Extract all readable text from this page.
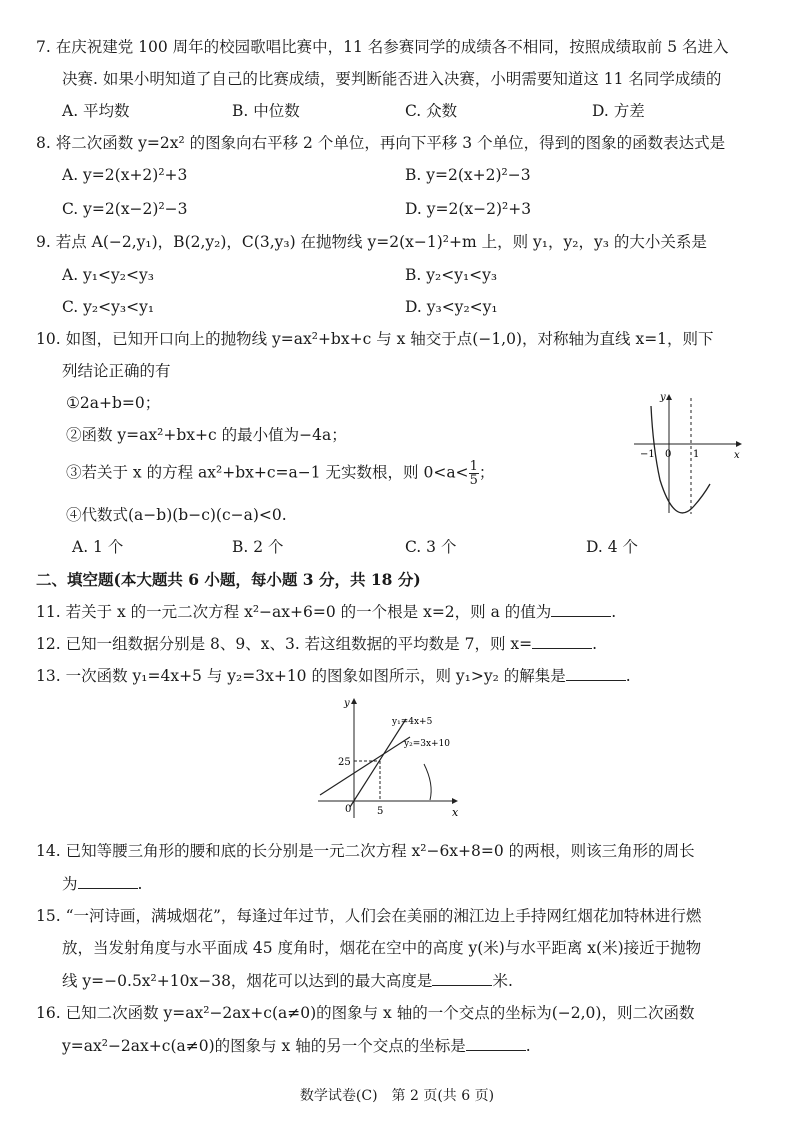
7. 在庆祝建党 100 周年的校园歌唱比赛中，11 名参赛同学的成绩各不相同，按照成绩取前 5 名进入
决赛. 如果小明知道了自己的比赛成绩，要判断能否进入决赛，小明需要知道这 11 名同学成绩的
A. 平均数	B. 中位数	C. 众数	D. 方差
8. 将二次函数 y=2x² 的图象向右平移 2 个单位，再向下平移 3 个单位，得到的图象的函数表达式是
A. y=2(x+2)²+3	B. y=2(x+2)²−3
C. y=2(x−2)²−3	D. y=2(x−2)²+3
9. 若点 A(−2,y₁)，B(2,y₂)，C(3,y₃) 在抛物线 y=2(x−1)²+m 上，则 y₁，y₂，y₃ 的大小关系是
A. y₁<y₂<y₃	B. y₂<y₁<y₃
C. y₂<y₃<y₁	D. y₃<y₂<y₁
10. 如图，已知开口向上的抛物线 y=ax²+bx+c 与 x 轴交于点(−1,0)，对称轴为直线 x=1，则下
列结论正确的有
①2a+b=0；
②函数 y=ax²+bx+c 的最小值为−4a；
③若关于 x 的方程 ax²+bx+c=a−1 无实数根，则 $0<a< \frac{1}{5}$ ；
④代数式(a−b)(b−c)(c−a)<0.
A. 1 个	B. 2 个	C. 3 个	D. 4 个
y
x
−1 0 1
二、填空题(本大题共 6 小题，每小题 3 分，共 18 分)
11. 若关于 x 的一元二次方程 x²−ax+6=0 的一个根是 x=2，则 a 的值为	.
12. 已知一组数据分别是 8、9、x、3. 若这组数据的平均数是 7，则 x=	.
13. 一次函数 y₁=4x+5 与 y₂=3x+10 的图象如图所示，则 y₁>y₂ 的解集是	.
y
x
y₁=4x+5
y₂=3x+10
25
5
0
14. 已知等腰三角形的腰和底的长分别是一元二次方程 x²−6x+8=0 的两根，则该三角形的周长
为	.
15. “一河诗画，满城烟花”，每逢过年过节，人们会在美丽的湘江边上手持网红烟花加特林进行燃
放，当发射角度与水平面成 45 度角时，烟花在空中的高度 y(米)与水平距离 x(米)接近于抛物
线 y=−0.5x²+10x−38，烟花可以达到的最大高度是	米.
16. 已知二次函数 y=ax²−2ax+c(a≠0)的图象与 x 轴的一个交点的坐标为(−2,0)，则二次函数
y=ax²−2ax+c(a≠0)的图象与 x 轴的另一个交点的坐标是	.
数学试卷(C)　第 2 页(共 6 页)
